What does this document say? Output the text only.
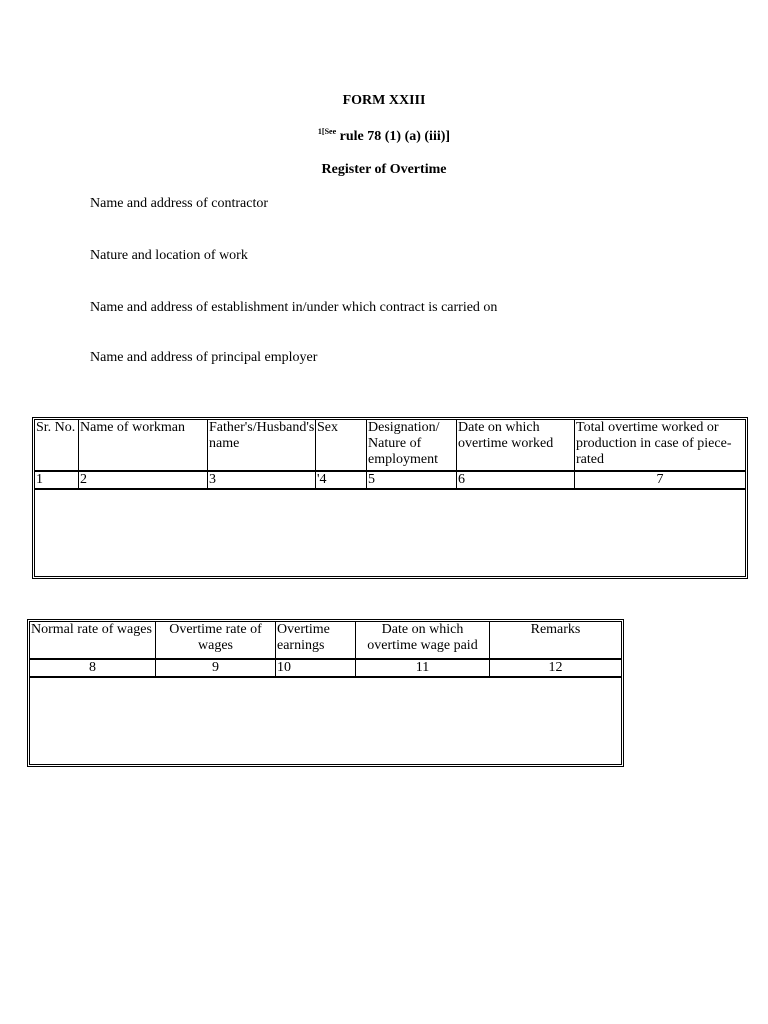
FORM XXIII
$^{1[See}$ rule 78 (1) (a) (iii)]
Register of Overtime
Name and address of contractor
Nature and location of work
Name and address of establishment in/under which contract is carried on
Name and address of principal employer
Sr. No.	Name of workman	Father's/Husband's name	Sex	Designation/ Nature of employment	Date on which overtime worked	Total overtime worked or production in case of piece-rated
1	2	3	'4	5	6	7

Normal rate of wages	Overtime rate of wages	Overtime earnings	Date on which overtime wage paid	Remarks
8	9	10	11	12
